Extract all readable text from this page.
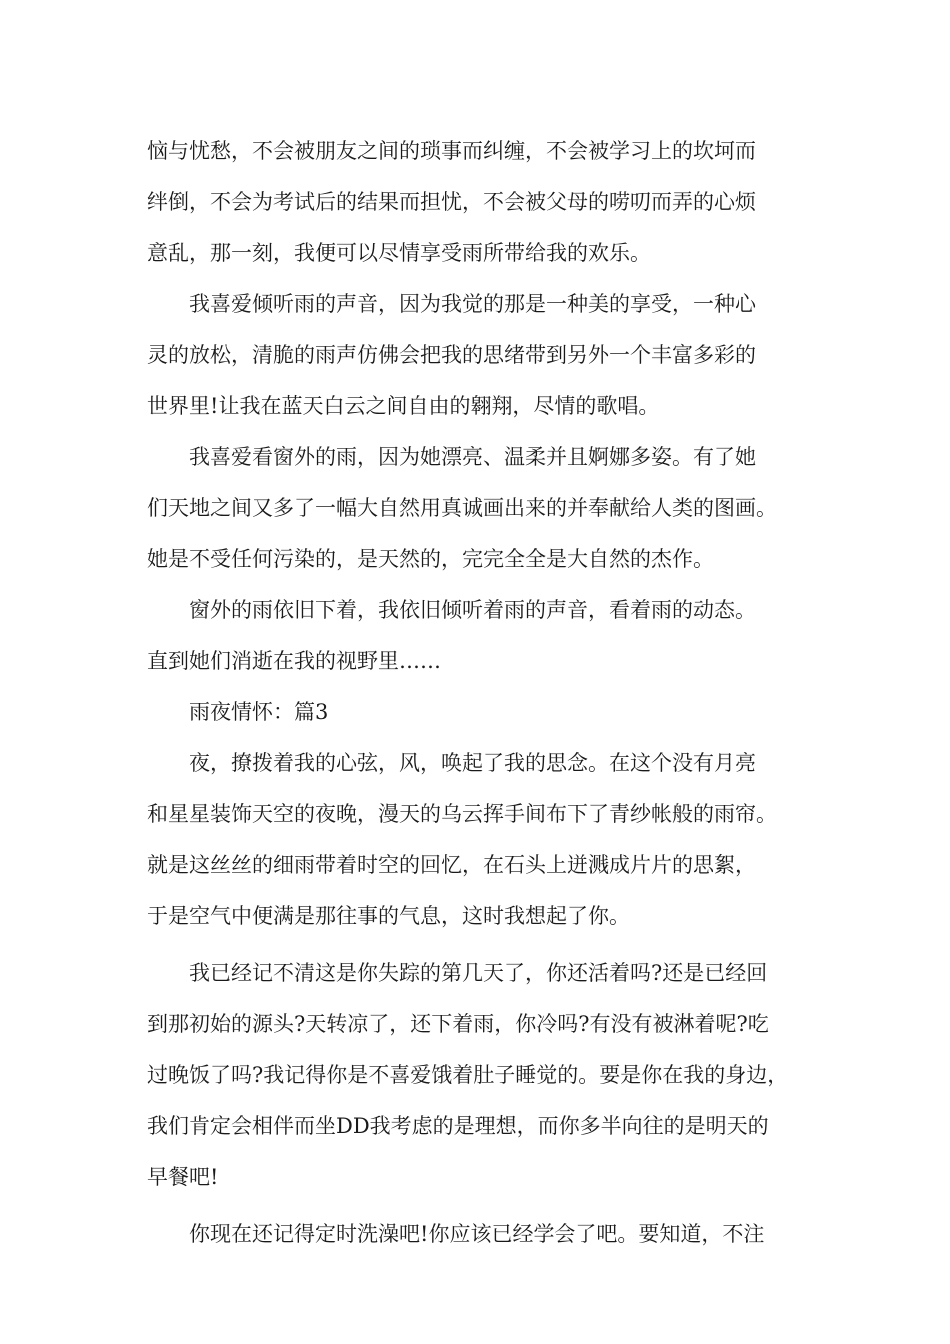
恼与忧愁，不会被朋友之间的琐事而纠缠，不会被学习上的坎坷而
绊倒，不会为考试后的结果而担忧，不会被父母的唠叨而弄的心烦
意乱，那一刻，我便可以尽情享受雨所带给我的欢乐。
我喜爱倾听雨的声音，因为我觉的那是一种美的享受，一种心
灵的放松，清脆的雨声仿佛会把我的思绪带到另外一个丰富多彩的
世界里!让我在蓝天白云之间自由的翱翔，尽情的歌唱。
我喜爱看窗外的雨，因为她漂亮、温柔并且婀娜多姿。有了她
们天地之间又多了一幅大自然用真诚画出来的并奉献给人类的图画。
她是不受任何污染的，是天然的，完完全全是大自然的杰作。
窗外的雨依旧下着，我依旧倾听着雨的声音，看着雨的动态。
直到她们消逝在我的视野里……
雨夜情怀：篇3
夜，撩拨着我的心弦，风，唤起了我的思念。在这个没有月亮
和星星装饰天空的夜晚，漫天的乌云挥手间布下了青纱帐般的雨帘。
就是这丝丝的细雨带着时空的回忆，在石头上迸溅成片片的思絮，
于是空气中便满是那往事的气息，这时我想起了你。
我已经记不清这是你失踪的第几天了，你还活着吗?还是已经回
到那初始的源头?天转凉了，还下着雨，你冷吗?有没有被淋着呢?吃
过晚饭了吗?我记得你是不喜爱饿着肚子睡觉的。要是你在我的身边，
我们肯定会相伴而坐DD我考虑的是理想，而你多半向往的是明天的
早餐吧!
你现在还记得定时洗澡吧!你应该已经学会了吧。要知道，不注
